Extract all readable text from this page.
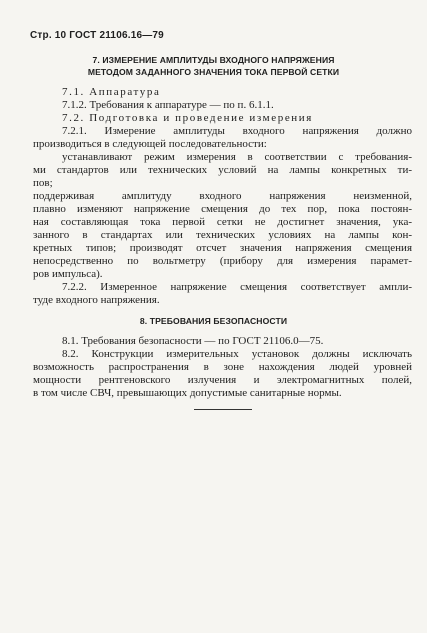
Стр. 10 ГОСТ 21106.16—79
7. ИЗМЕРЕНИЕ АМПЛИТУДЫ ВХОДНОГО НАПРЯЖЕНИЯ
МЕТОДОМ ЗАДАННОГО ЗНАЧЕНИЯ ТОКА ПЕРВОЙ СЕТКИ
7.1. Аппаратура
7.1.2. Требования к аппаратуре — по п. 6.1.1.
7.2. Подготовка и проведение измерения
7.2.1. Измерение амплитуды входного напряжения должно
производиться в следующей последовательности:
устанавливают режим измерения в соответствии с требования-
ми стандартов или технических условий на лампы конкретных ти-
пов;
поддерживая амплитуду входного напряжения неизменной,
плавно изменяют напряжение смещения до тех пор, пока постоян-
ная составляющая тока первой сетки не достигнет значения, ука-
занного в стандартах или технических условиях на лампы кон-
кретных типов; производят отсчет значения напряжения смещения
непосредственно по вольтметру (прибору для измерения парамет-
ров импульса).
7.2.2. Измеренное напряжение смещения соответствует ампли-
туде входного напряжения.
8. ТРЕБОВАНИЯ БЕЗОПАСНОСТИ
8.1. Требования безопасности — по ГОСТ 21106.0—75.
8.2. Конструкции измерительных установок должны исключать
возможность распространения в зоне нахождения людей уровней
мощности рентгеновского излучения и электромагнитных полей,
в том числе СВЧ, превышающих допустимые санитарные нормы.
